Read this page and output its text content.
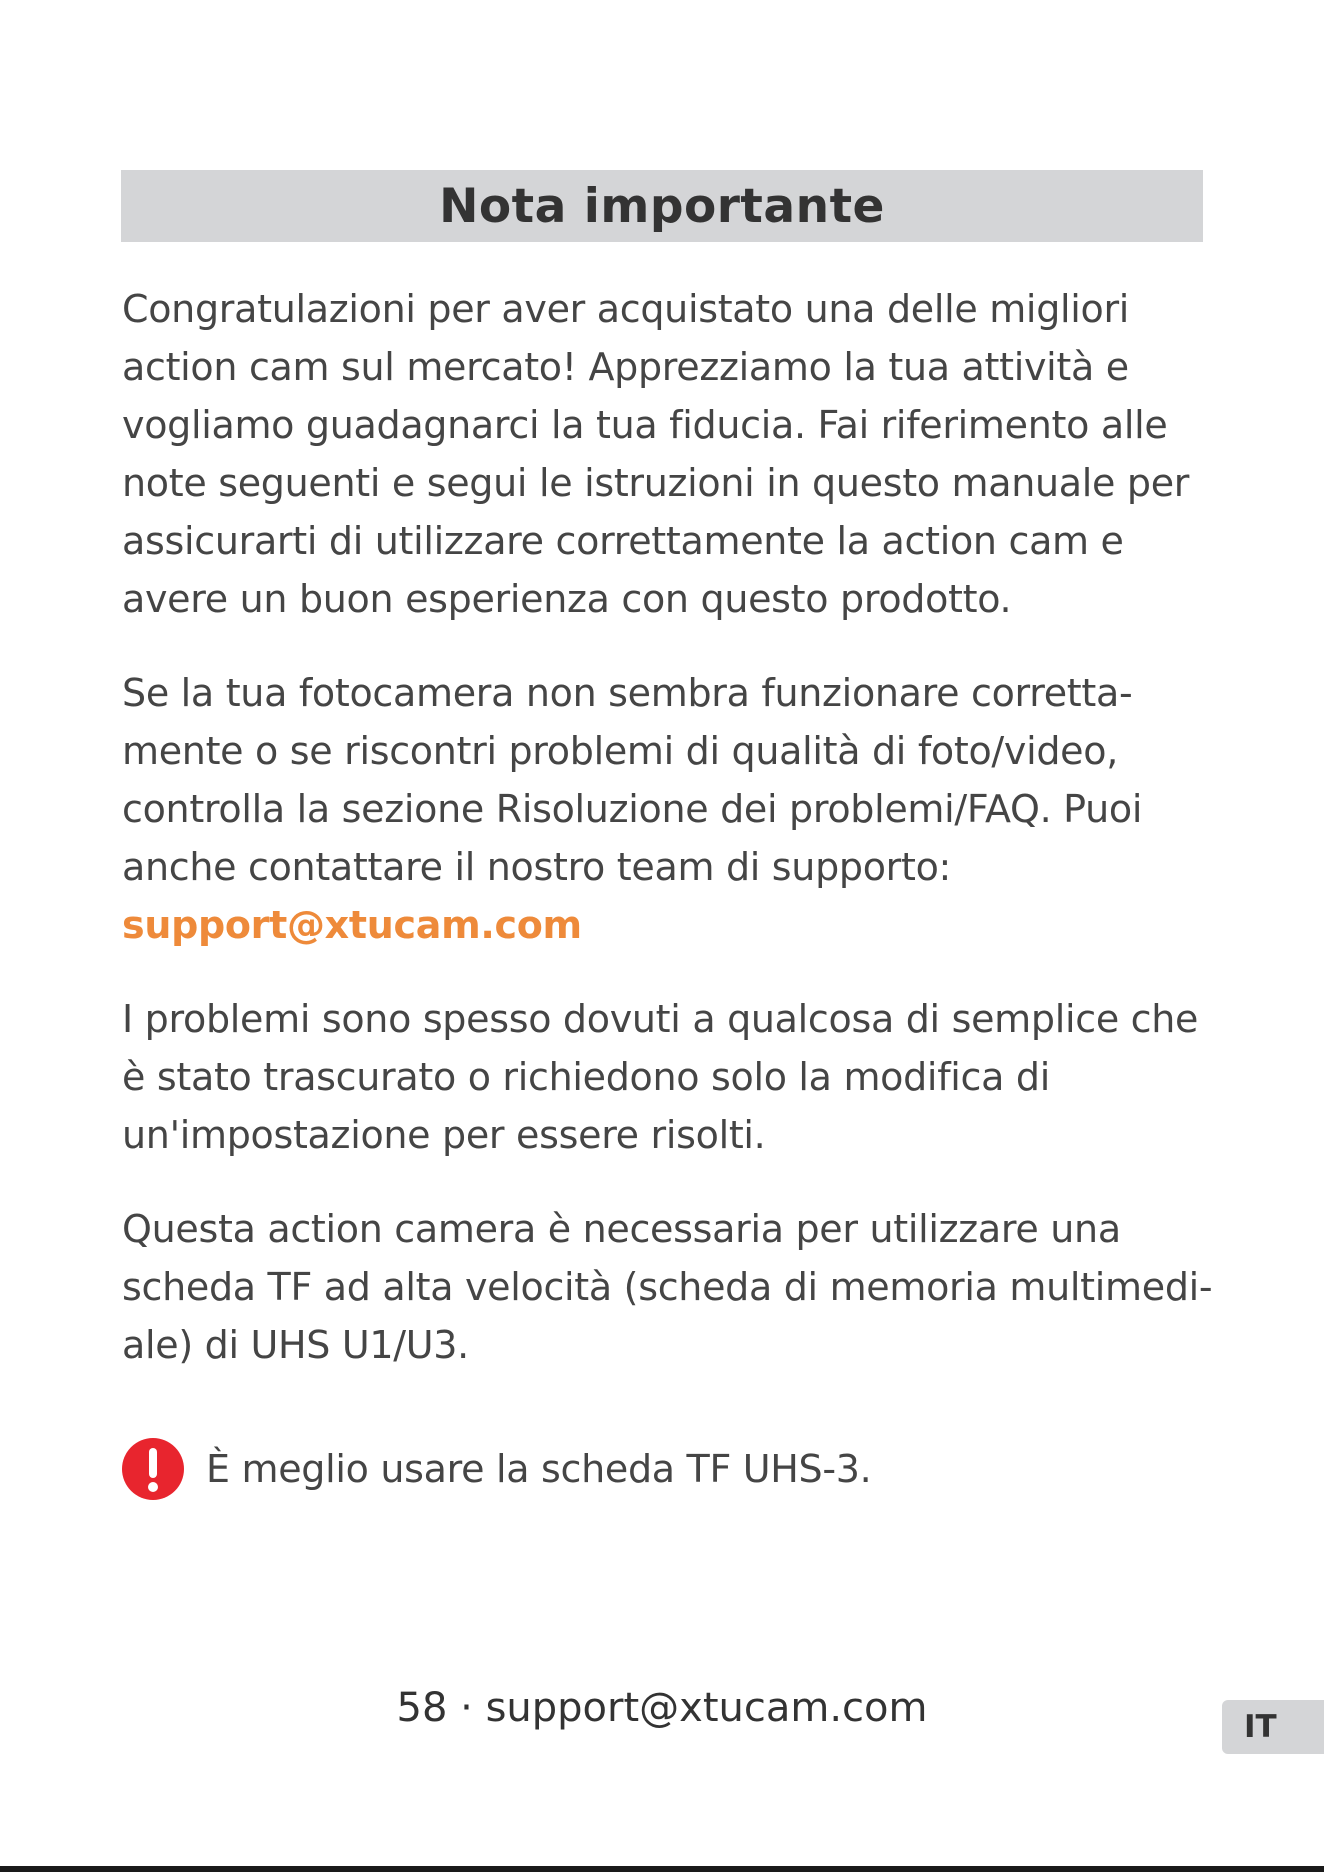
Nota importante

Congratulazioni per aver acquistato una delle migliori
action cam sul mercato! Apprezziamo la tua attività e
vogliamo guadagnarci la tua fiducia. Fai riferimento alle
note seguenti e segui le istruzioni in questo manuale per
assicurarti di utilizzare correttamente la action cam e
avere un buon esperienza con questo prodotto.

Se la tua fotocamera non sembra funzionare corretta-
mente o se riscontri problemi di qualità di foto/video,
controlla la sezione Risoluzione dei problemi/FAQ. Puoi
anche contattare il nostro team di supporto:
support@xtucam.com

I problemi sono spesso dovuti a qualcosa di semplice che
è stato trascurato o richiedono solo la modifica di
un'impostazione per essere risolti.

Questa action camera è necessaria per utilizzare una
scheda TF ad alta velocità (scheda di memoria multimedi-
ale) di UHS U1/U3.

È meglio usare la scheda TF UHS-3.
58 · support@xtucam.com	IT
